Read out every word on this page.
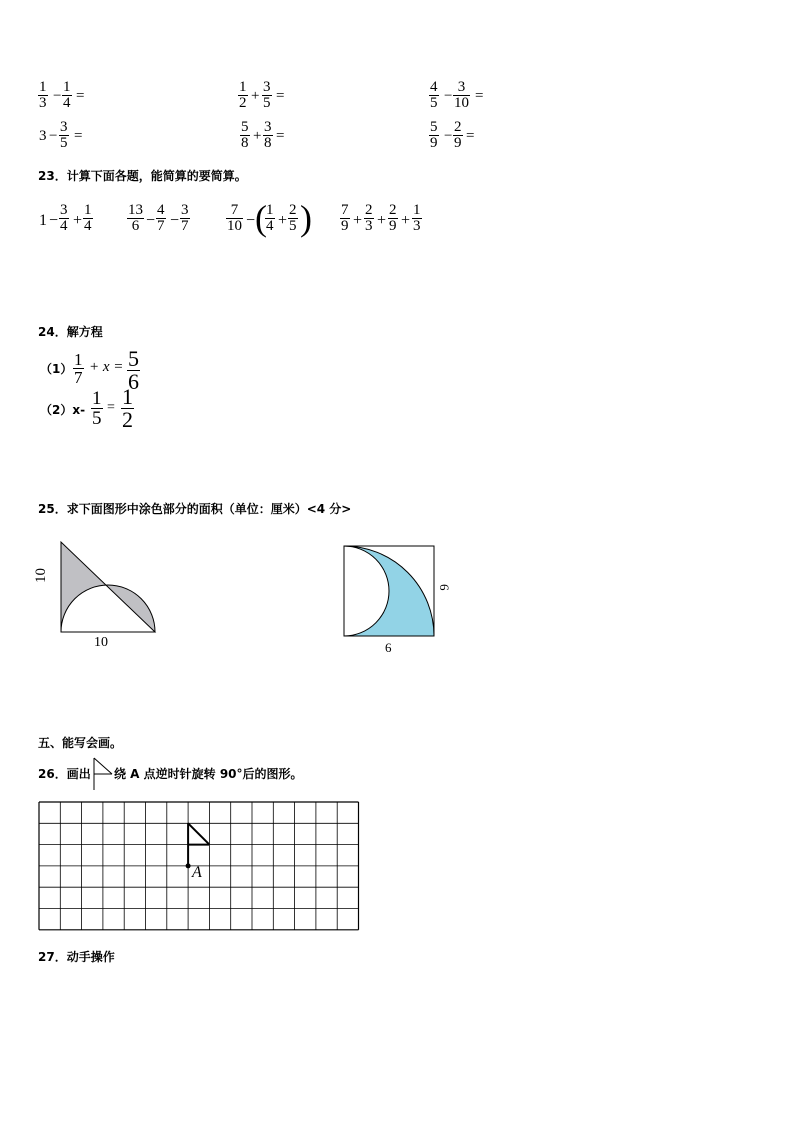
$\frac{1}{3} - \frac{1}{4}$ =	$\frac{1}{2} + \frac{3}{5}$ =	$\frac{4}{5} - \frac{3}{10}$ =
$3 - \frac{3}{5}$ =	$\frac{5}{8} + \frac{3}{8}$ =	$\frac{5}{9} - \frac{2}{9}$ =
23．计算下面各题，能简算的要简算。
$1 - \frac{3}{4} + \frac{1}{4} \frac{13}{6} - \frac{4}{7} - \frac{3}{7} \frac{7}{10}$ − (
$\frac{1}{4} + \frac{2}{5}$ ) $\frac{7}{9} + \frac{2}{3} + \frac{2}{9} + \frac{1}{3}$
24．解方程
$(1) \frac{1}{7} + x = \frac{5}{6}$
$(2)x- \frac{1}{5} = \frac{1}{2}$
25．求下面图形中涂色部分的面积（单位：厘米）<4 分>
10
10
6
6
五、能写会画。
26．画出 绕 A 点逆时针旋转 90°后的图形。
A
27．动手操作
